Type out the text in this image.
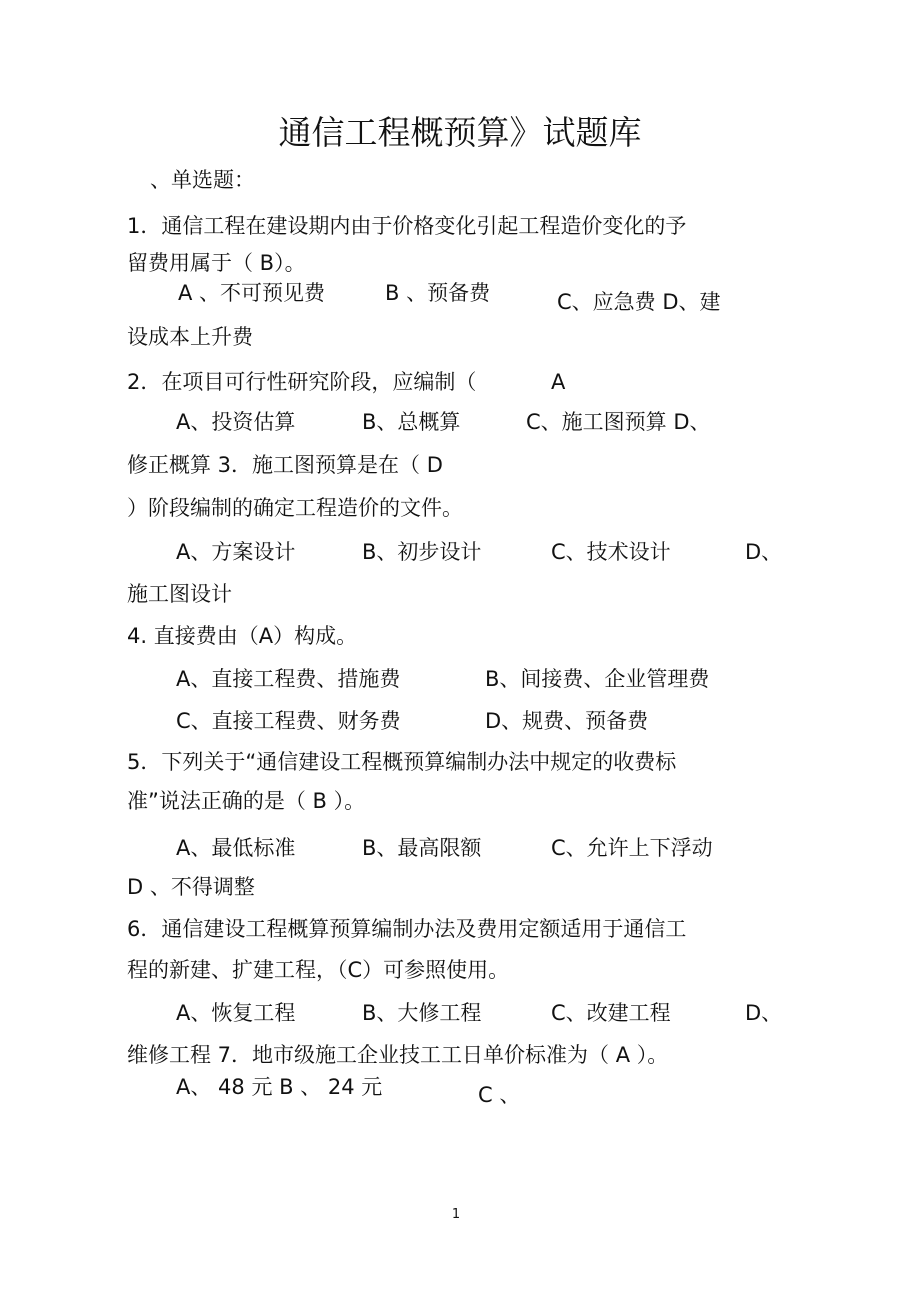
通信工程概预算》试题库
、单选题：
1．通信工程在建设期内由于价格变化引起工程造价变化的予
留费用属于（ B）。
A 、不可预见费	B 、预备费	C、应急费 D、建
设成本上升费
2．在项目可行性研究阶段，应编制（	A
A、投资估算	B、总概算	C、施工图预算 D、
修正概算 3．施工图预算是在（ D
）阶段编制的确定工程造价的文件。
A、方案设计	B、初步设计	C、技术设计	D、
施工图设计
4. 直接费由（A）构成。
A、直接工程费、措施费	B、间接费、企业管理费
C、直接工程费、财务费	D、规费、预备费
5．下列关于“通信建设工程概预算编制办法中规定的收费标
准”说法正确的是（ B ）。
A、最低标准	B、最高限额	C、允许上下浮动
D 、不得调整
6．通信建设工程概算预算编制办法及费用定额适用于通信工
程的新建、扩建工程，（C）可参照使用。
A、恢复工程	B、大修工程	C、改建工程	D、
维修工程 7．地市级施工企业技工工日单价标准为（ A ）。
A、 48 元 B 、 24 元	C 、
1
